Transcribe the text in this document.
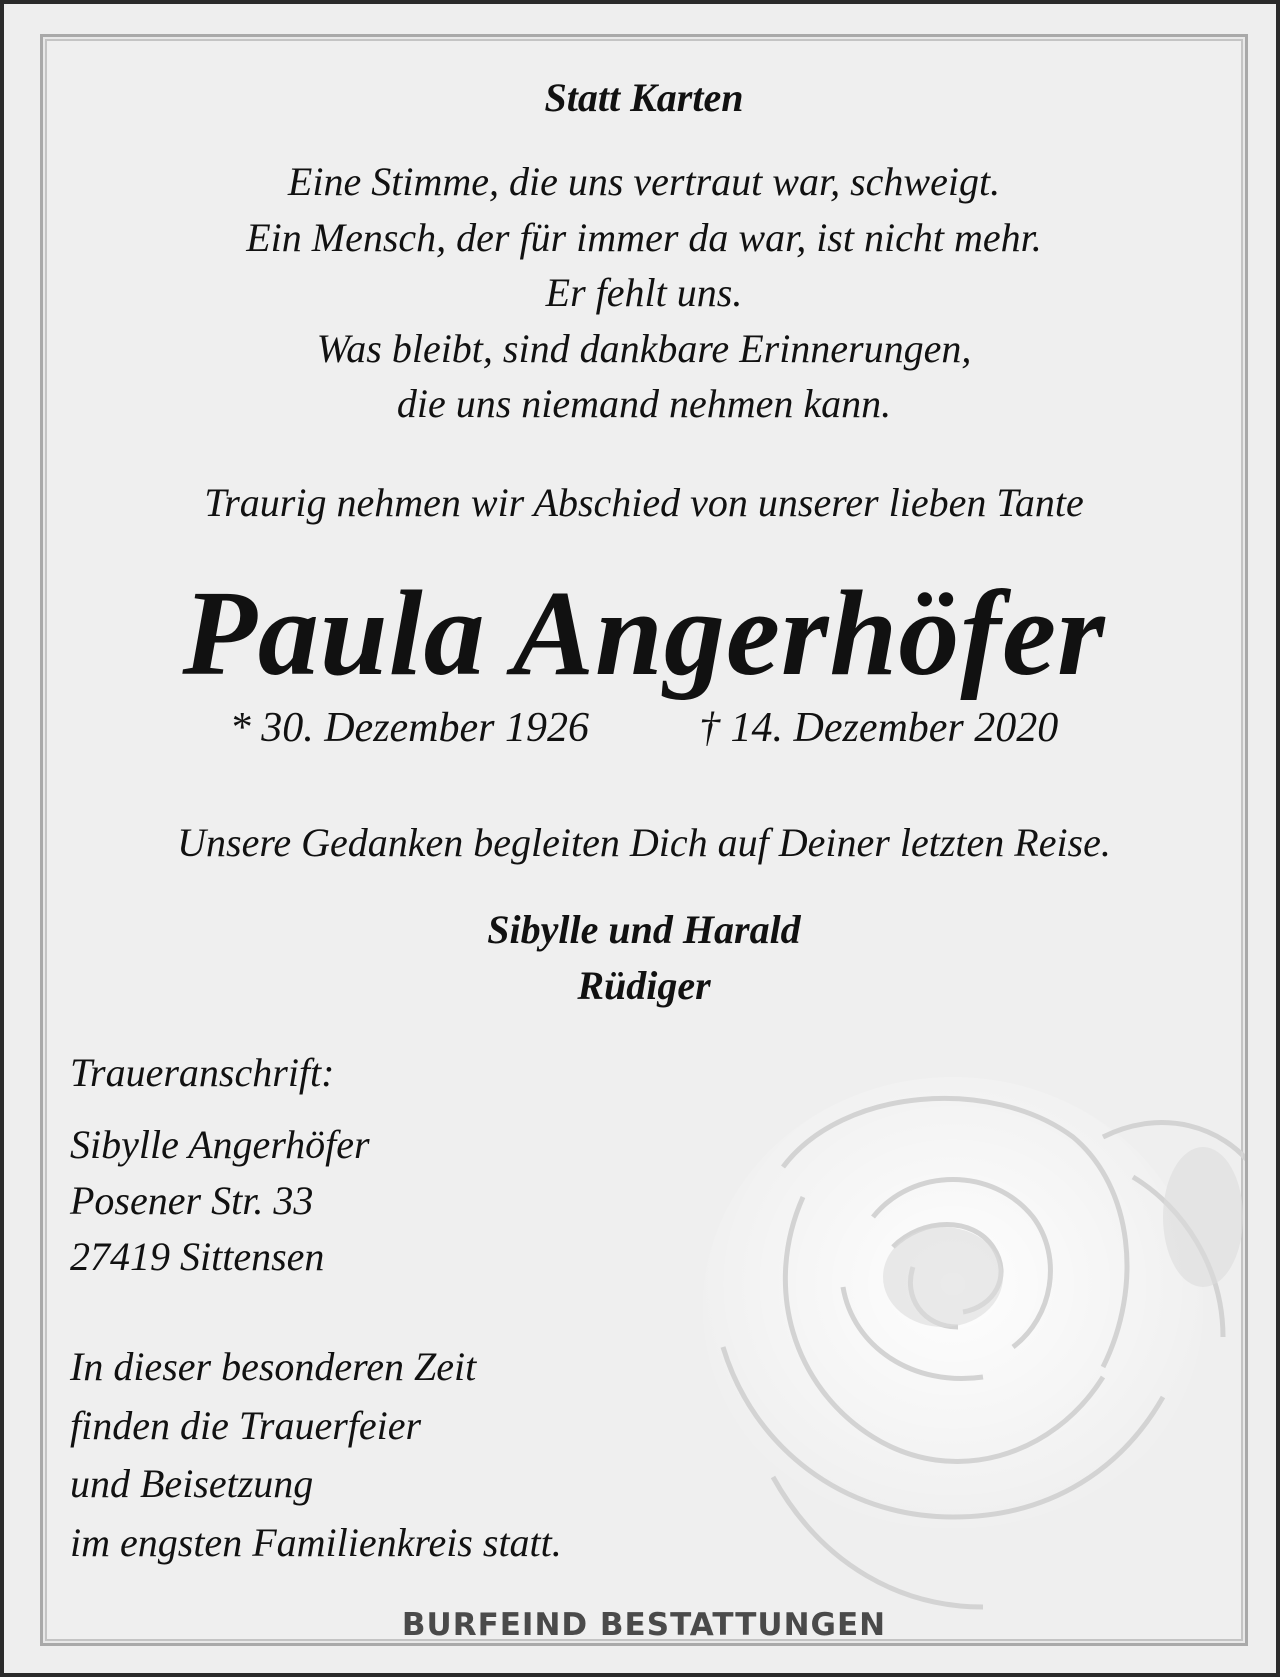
Statt Karten

Eine Stimme, die uns vertraut war, schweigt.
Ein Mensch, der für immer da war, ist nicht mehr.
Er fehlt uns.
Was bleibt, sind dankbare Erinnerungen,
die uns niemand nehmen kann.

Traurig nehmen wir Abschied von unserer lieben Tante

Paula Angerhöfer

* 30. Dezember 1926	† 14. Dezember 2020

Unsere Gedanken begleiten Dich auf Deiner letzten Reise.

Sibylle und Harald
Rüdiger

Traueranschrift:

Sibylle Angerhöfer
Posener Str. 33
27419 Sittensen
In dieser besonderen Zeit
finden die Trauerfeier
und Beisetzung
im engsten Familienkreis statt.
BURFEIND BESTATTUNGEN
